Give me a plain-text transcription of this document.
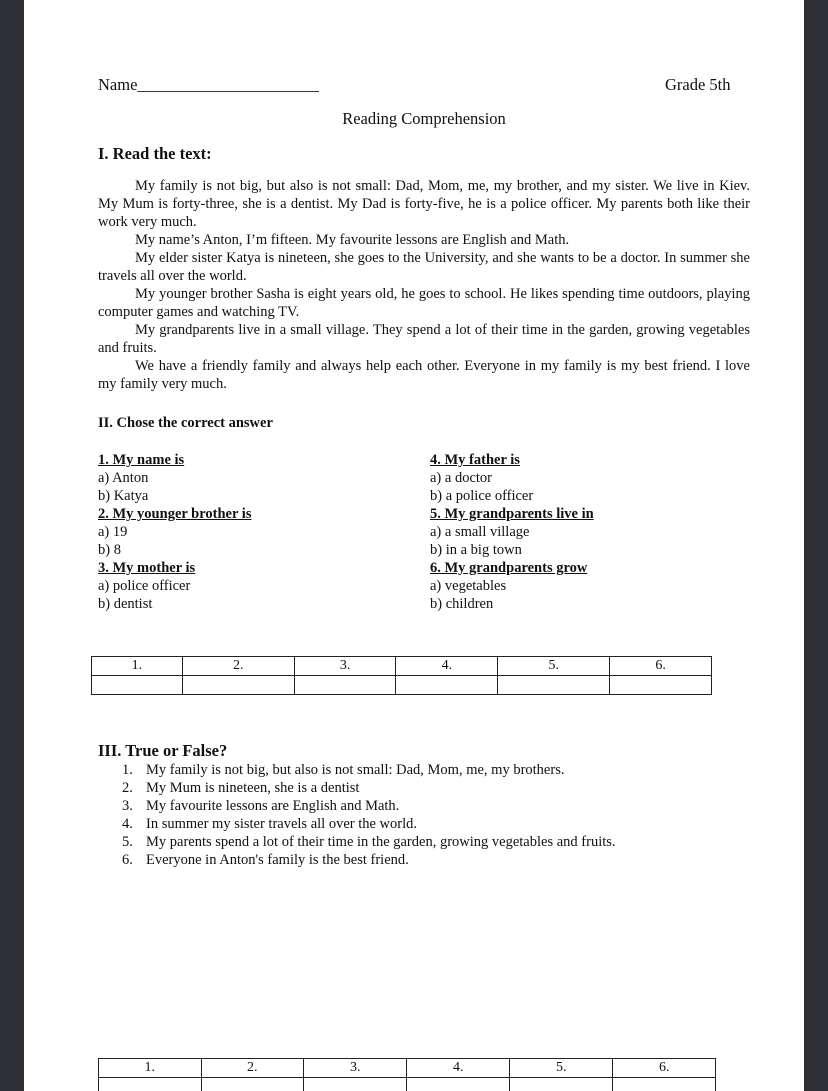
Name______________________	Grade 5th
Reading Comprehension
I. Read the text:

My family is not big, but also is not small: Dad, Mom, me, my brother, and my sister. We live in Kiev. My Mum is forty-three, she is a dentist. My Dad is forty-five, he is a police officer. My parents both like their work very much.

My name’s Anton, I’m fifteen. My favourite lessons are English and Math.

My elder sister Katya is nineteen, she goes to the University, and she wants to be a doctor. In summer she travels all over the world.

My younger brother Sasha is eight years old, he goes to school. He likes spending time outdoors, playing computer games and watching TV.

My grandparents live in a small village. They spend a lot of their time in the garden, growing vegetables and fruits.

We have a friendly family and always help each other. Everyone in my family is my best friend. I love my family very much.

II. Chose the correct answer
1. My name is
a) Anton
b) Katya
2. My younger brother is
a) 19
b) 8
3. My mother is
a) police officer
b) dentist
4. My father is
a) a doctor
b) a police officer
5. My grandparents live in
a) a small village
b) in a big town
6. My grandparents grow
a) vegetables
b) children
1.	2.	3.	4.	5.	6.

III. True or False?
1. My family is not big, but also is not small: Dad, Mom, me, my brothers.
2. My Mum is nineteen, she is a dentist
3. My favourite lessons are English and Math.
4. In summer my sister travels all over the world.
5. My parents spend a lot of their time in the garden, growing vegetables and fruits.
6. Everyone in Anton's family is the best friend.
1.	2.	3.	4.	5.	6.
